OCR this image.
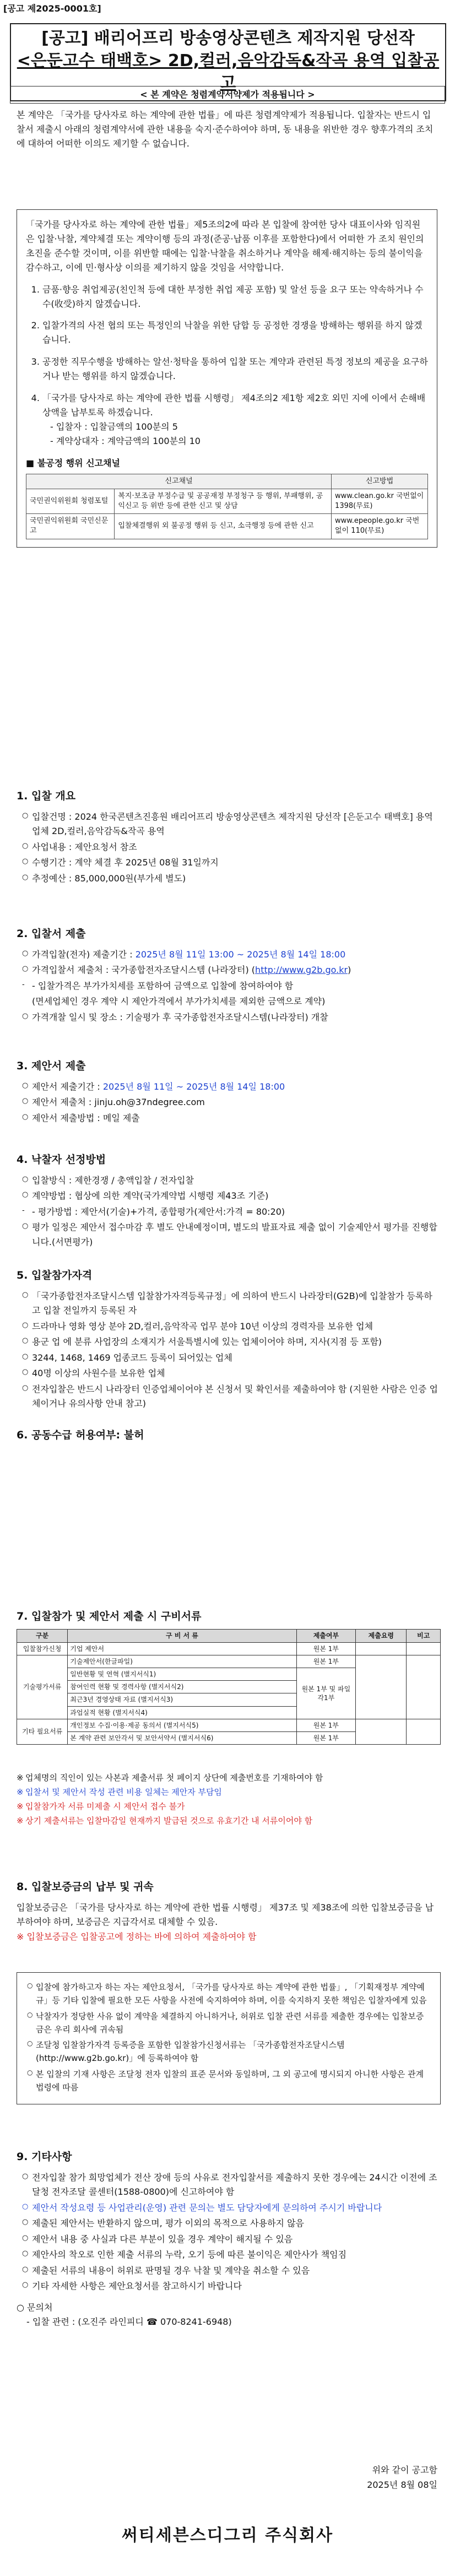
[공고 제2025-0001호]
[공고] 배리어프리 방송영상콘텐츠 제작지원 당선작
<은둔고수 태백호> 2D,컬러,음악감독&작곡 용역 입찰공고
< 본 계약은 청렴계약서약제가 적용됩니다 >
본 계약은 「국가를 당사자로 하는 계약에 관한 법률」에 따른 청렴계약제가 적용됩니다. 입찰자는 반드시 입찰서 제출시 아래의 청렴계약서에 관한 내용을 숙지·준수하여야 하며, 동 내용을 위반한 경우 향후가격의 조치에 대하여 어떠한 이의도 제기할 수 없습니다.

「국가를 당사자로 하는 계약에 관한 법률」제5조의2에 따라 본 입찰에 참여한 당사 대표이사와 임직원은 입찰·낙찰, 계약체결 또는 계약이행 등의 과정(준공·납품 이후를 포함한다)에서 어떠한 가 조치 원인의 초진을 준수할 것이며, 이를 위반할 때에는 입찰·낙찰을 취소하거나 계약을 해제·해지하는 등의 불이익을 감수하고, 이에 민·형사상 이의를 제기하지 않을 것임을 서약합니다.

1. 금품·향응 취업제공(친인척 등에 대한 부정한 취업 제공 포함) 및 알선 등을 요구 또는 약속하거나 수수(收受)하지 않겠습니다.
2. 입찰가격의 사전 협의 또는 특정인의 낙찰을 위한 담합 등 공정한 경쟁을 방해하는 행위를 하지 않겠습니다.
3. 공정한 직무수행을 방해하는 알선·청탁을 통하여 입찰 또는 계약과 관련된 특정 정보의 제공을 요구하거나 받는 행위를 하지 않겠습니다.
4. 「국가를 당사자로 하는 계약에 관한 법률 시행령」 제4조의2 제1항 제2호 외민 지에 이에서 손해배상액을 납부토록 하겠습니다.
- 입찰자 : 입찰금액의 100분의 5
- 계약상대자 : 계약금액의 100분의 10
■ 불공정 행위 신고채널
신고채널		신고방법
국민권익위원회 청렴포털	복지·보조금 부정수급 및 공공재정 부정청구 등 행위, 부패행위, 공익신고 등 위반 등에 관한 신고 및 상담	www.clean.go.kr 국번없이 1398(무료)
국민권익위원회 국민신문고	입찰체결행위 외 불공정 행위 등 신고, 소극행정 등에 관한 신고	www.epeople.go.kr 국번없이 110(무료)
1. 입찰 개요
○ 입찰건명 : 2024 한국콘텐츠진흥원 배리어프리 방송영상콘텐츠 제작지원 당선작 [은둔고수 태백호] 용역업체 2D,컬러,음악감독&작곡 용역
○ 사업내용 : 제안요청서 참조
○ 수행기간 : 계약 체결 후 2025년 08월 31일까지
○ 추정예산 : 85,000,000원(부가세 별도)
2. 입찰서 제출
○ 가격입찰(전자) 제출기간 : 2025년 8월 11일 13:00 ~ 2025년 8월 14일 18:00
○ 가격입찰서 제출처 : 국가종합전자조달시스템 (나라장터) (http://www.g2b.go.kr)
- - 입찰가격은 부가가치세를 포함하여 금액으로 입찰에 참여하여야 함
(면세업체인 경우 계약 시 제안가격에서 부가가치세를 제외한 금액으로 계약)
○ 가격개찰 일시 및 장소 : 기술평가 후 국가종합전자조달시스템(나라장터) 개찰
3. 제안서 제출
○ 제안서 제출기간 : 2025년 8월 11일 ~ 2025년 8월 14일 18:00
○ 제안서 제출처 : jinju.oh@37ndegree.com
○ 제안서 제출방법 : 메일 제출
4. 낙찰자 선정방법
○ 입찰방식 : 제한경쟁 / 총액입찰 / 전자입찰
○ 계약방법 : 협상에 의한 계약(국가계약법 시행령 제43조 기준)
- - 평가방법 : 제안서(기술)+가격, 종합평가(제안서:가격 = 80:20)
○ 평가 일정은 제안서 접수마감 후 별도 안내예정이며, 별도의 발표자료 제출 없이 기술제안서 평가를 진행합니다.(서면평가)
5. 입찰참가자격
○ 「국가종합전자조달시스템 입찰참가자격등록규정」에 의하여 반드시 나라장터(G2B)에 입찰참가 등록하고 입찰 전일까지 등록된 자
○ 드라마나 영화 영상 분야 2D,컬러,음악작곡 업무 분야 10년 이상의 경력자를 보유한 업체
○ 용군 업 에 분류 사업장의 소재지가 서울특별시에 있는 업체이어야 하며, 지사(지점 등 포함)
○ 3244, 1468, 1469 업종코드 등록이 되어있는 업체
○ 40명 이상의 사원수를 보유한 업체
○ 전자입찰은 반드시 나라장터 인증업체이어야 본 신청서 및 확인서를 제출하여야 함 (지원한 사람은 인증 업체이거나 유의사항 안내 참고)
6. 공동수급 허용여부: 불허
7. 입찰참가 및 제안서 제출 시 구비서류
구분	구 비 서 류	제출여부	제출요령	비고
입찰참가신청	기업 제안서	원본 1부		
기술평가서류	기술제안서(한글파일)	원본 1부		
	일반현황 및 연혁 (별지서식1)	원본 1부 및 파일 각1부		
	참여인력 현황 및 경력사항 (별지서식2)			
	최근3년 경영상태 자료 (별지서식3)			
	과업실적 현황 (별지서식4)			
기타 필요서류	개인정보 수집·이용·제공 동의서 (별지서식5)	원본 1부		
	본 계약 관련 보안각서 및 보안서약서 (별지서식6)	원본 1부		

※ 업체명의 직인이 있는 사본과 제출서류 첫 페이지 상단에 제출번호를 기재하여야 함

※ 입찰서 및 제안서 작성 관련 비용 일체는 제안자 부담임

※ 입찰참가자 서류 미제출 시 제안서 접수 불가

※ 상기 제출서류는 입찰마감일 현재까지 발급된 것으로 유효기간 내 서류이어야 함

8. 입찰보증금의 납부 및 귀속
입찰보증금은 「국가를 당사자로 하는 계약에 관한 법률 시행령」 제37조 및 제38조에 의한 입찰보증금을 납부하여야 하며, 보증금은 지급각서로 대체할 수 있음.
※ 입찰보증금은 입찰공고에 정하는 바에 의하여 제출하여야 함

○ 입찰에 참가하고자 하는 자는 제안요청서, 「국가를 당사자로 하는 계약에 관한 법률」, 「기획재정부 계약예규」등 기타 입찰에 필요한 모든 사항을 사전에 숙지하여야 하며, 이를 숙지하지 못한 책임은 입찰자에게 있음

○ 낙찰자가 정당한 사유 없이 계약을 체결하지 아니하거나, 허위로 입찰 관련 서류를 제출한 경우에는 입찰보증금은 우리 회사에 귀속됨

○ 조달청 입찰참가자격 등록증을 포함한 입찰참가신청서류는 「국가종합전자조달시스템(http://www.g2b.go.kr)」에 등록하여야 함

○ 본 입찰의 기재 사항은 조달청 전자 입찰의 표준 문서와 동일하며, 그 외 공고에 명시되지 아니한 사항은 관계법령에 따름

9. 기타사항
○ 전자입찰 참가 희망업체가 전산 장애 등의 사유로 전자입찰서를 제출하지 못한 경우에는 24시간 이전에 조달청 전자조달 콜센터(1588-0800)에 신고하여야 함
○ 제안서 작성요령 등 사업관리(운영) 관련 문의는 별도 담당자에게 문의하여 주시기 바랍니다
○ 제출된 제안서는 반환하지 않으며, 평가 이외의 목적으로 사용하지 않음
○ 제안서 내용 중 사실과 다른 부분이 있을 경우 계약이 해지될 수 있음
○ 제안사의 착오로 인한 제출 서류의 누락, 오기 등에 따른 불이익은 제안사가 책임짐
○ 제출된 서류의 내용이 허위로 판명될 경우 낙찰 및 계약을 취소할 수 있음
○ 기타 자세한 사항은 제안요청서를 참고하시기 바랍니다
○ 문의처
- 입찰 관련 : (오진주 라인피디 ☎ 070-8241-6948)
위와 같이 공고함
2025년 8월 08일
써티세븐스디그리 주식회사
